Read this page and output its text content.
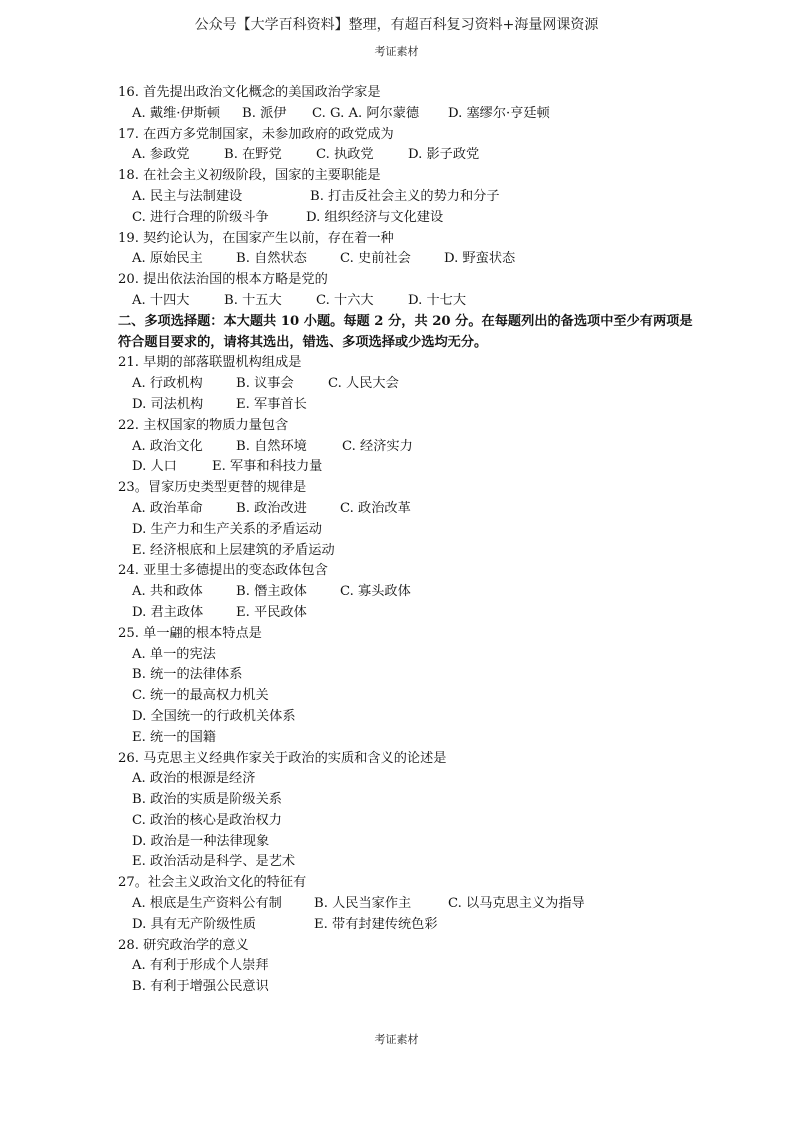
公众号【大学百科资料】整理，有超百科复习资料+海量网课资源
考证素材
16. 首先提出政治文化概念的美国政治学家是
A. 戴维·伊斯顿 B. 派伊 C. G. A. 阿尔蒙德 D. 塞缪尔·亨廷顿
17. 在西方多党制国家，未参加政府的政党成为
A. 参政党	B. 在野党	C. 执政党	D. 影子政党
18. 在社会主义初级阶段，国家的主要职能是
A. 民主与法制建设	B. 打击反社会主义的势力和分子
C. 进行合理的阶级斗争	D. 组织经济与文化建设
19. 契约论认为，在国家产生以前，存在着一种
A. 原始民主	B. 自然状态	C. 史前社会	D. 野蛮状态
20. 提出依法治国的根本方略是党的
A. 十四大	B. 十五大	C. 十六大	D. 十七大
二、多项选择题：本大题共 10 小题。每题 2 分，共 20 分。在每题列出的备选项中至少有两项是符合题目要求的，请将其选出，错选、多项选择或少选均无分。
21. 早期的部落联盟机构组成是
A. 行政机构	B. 议事会	C. 人民大会
D. 司法机构 E. 军事首长
22. 主权国家的物质力量包含
A. 政治文化	B. 自然环境	C. 经济实力
D. 人口	E. 军事和科技力量
23。冒家历史类型更替的规律是
A. 政治革命	B. 政治改进	C. 政治改革
D. 生产力和生产关系的矛盾运动
E. 经济根底和上层建筑的矛盾运动
24. 亚里士多德提出的变态政体包含
A. 共和政体	B. 僭主政体	C. 寡头政体
D. 君主政体 E. 平民政体
25. 单一翩的根本特点是
A. 单一的宪法
B. 统一的法律体系
C. 统一的最高权力机关
D. 全国统一的行政机关体系
E. 统一的国籍
26. 马克思主义经典作家关于政治的实质和含义的论述是
A. 政治的根源是经济
B. 政治的实质是阶级关系
C. 政治的核心是政治权力
D. 政治是一种法律现象
E. 政治活动是科学、是艺术
27。社会主义政治文化的特征有
A. 根底是生产资料公有制 B. 人民当家作主	C. 以马克思主义为指导
D. 具有无产阶级性质	E. 带有封建传统色彩
28. 研究政治学的意义
A. 有利于形成个人崇拜
B. 有利于增强公民意识
考证素材
